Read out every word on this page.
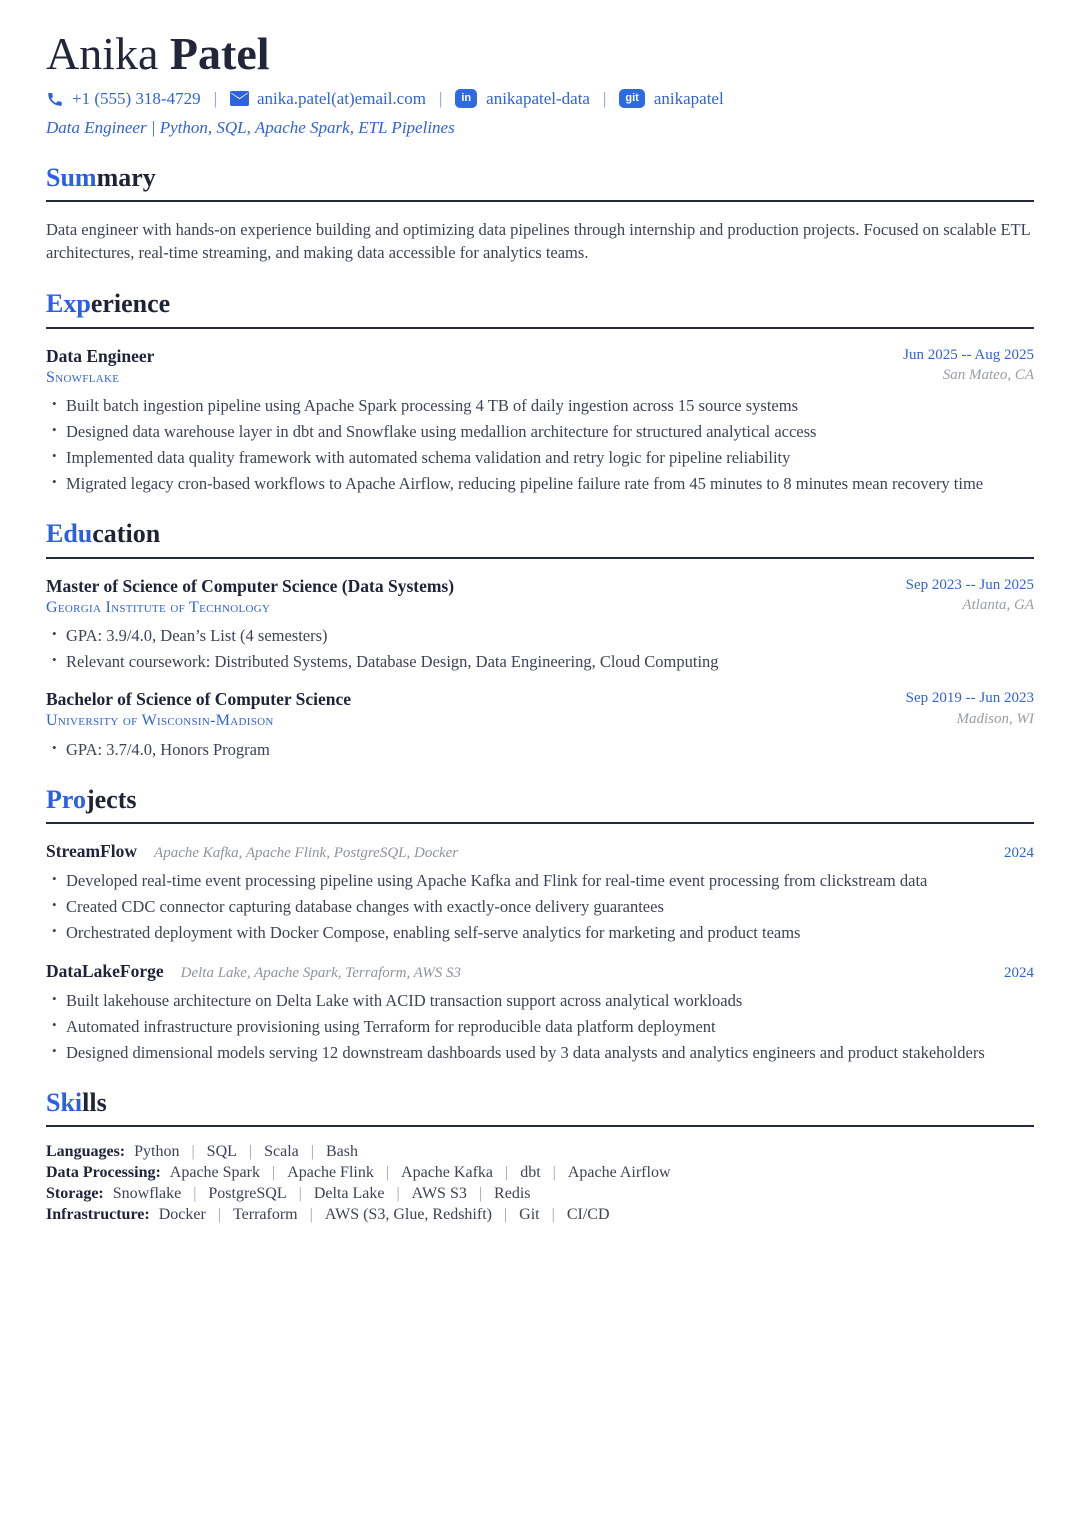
Anika Patel
+1 (555) 318-4729 | anika.patel(at)email.com |	in anikapatel-data |	git anikapatel
Data Engineer | Python, SQL, Apache Spark, ETL Pipelines
Summary
Data engineer with hands-on experience building and optimizing data pipelines through internship and production projects. Focused on scalable ETL architectures, real-time streaming, and making data accessible for analytics teams.
Experience
Data Engineer
Snowflake
Jun 2025 -- Aug 2025
San Mateo, CA
• Built batch ingestion pipeline using Apache Spark processing 4 TB of daily ingestion across 15 source systems
• Designed data warehouse layer in dbt and Snowflake using medallion architecture for structured analytical access
• Implemented data quality framework with automated schema validation and retry logic for pipeline reliability
• Migrated legacy cron-based workflows to Apache Airflow, reducing pipeline failure rate from 45 minutes to 8 minutes mean recovery time
Education
Master of Science of Computer Science (Data Systems)
Georgia Institute of Technology
Sep 2023 -- Jun 2025
Atlanta, GA
• GPA: 3.9/4.0, Dean’s List (4 semesters)
• Relevant coursework: Distributed Systems, Database Design, Data Engineering, Cloud Computing
Bachelor of Science of Computer Science
University of Wisconsin-Madison
Sep 2019 -- Jun 2023
Madison, WI
• GPA: 3.7/4.0, Honors Program
Projects
StreamFlow Apache Kafka, Apache Flink, PostgreSQL, Docker	2024
• Developed real-time event processing pipeline using Apache Kafka and Flink for real-time event processing from clickstream data
• Created CDC connector capturing database changes with exactly-once delivery guarantees
• Orchestrated deployment with Docker Compose, enabling self-serve analytics for marketing and product teams
DataLakeForge Delta Lake, Apache Spark, Terraform, AWS S3	2024
• Built lakehouse architecture on Delta Lake with ACID transaction support across analytical workloads
• Automated infrastructure provisioning using Terraform for reproducible data platform deployment
• Designed dimensional models serving 12 downstream dashboards used by 3 data analysts and analytics engineers and product stakeholders
Skills
Languages: Python | SQL | Scala | Bash
Data Processing: Apache Spark | Apache Flink | Apache Kafka | dbt | Apache Airflow
Storage: Snowflake | PostgreSQL | Delta Lake | AWS S3 | Redis
Infrastructure: Docker | Terraform | AWS (S3, Glue, Redshift) | Git | CI/CD
